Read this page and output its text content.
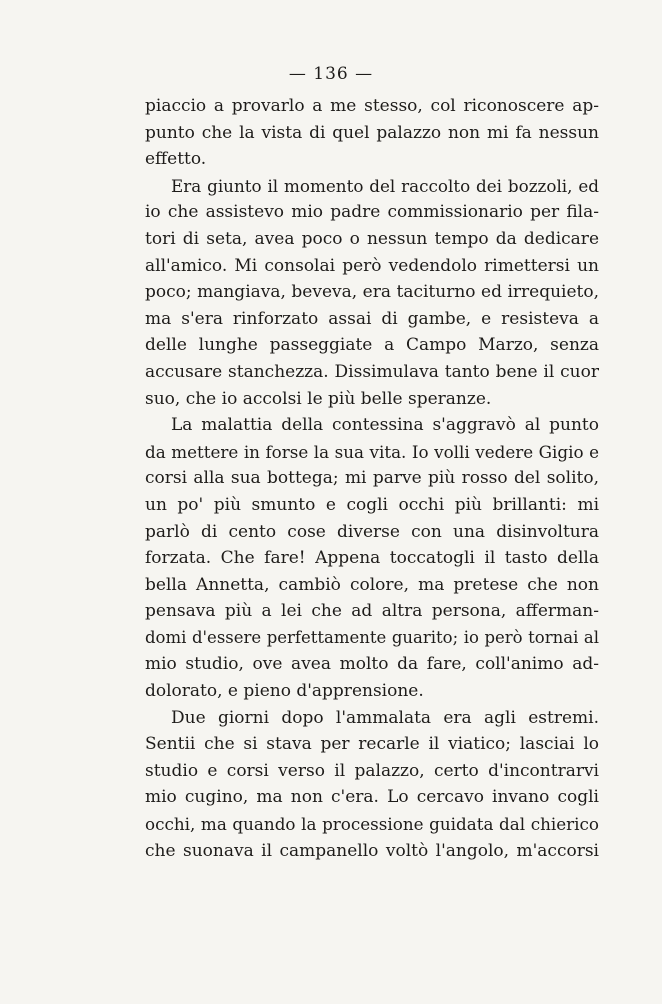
— 136 —
piaccio a provarlo a me stesso, col riconoscere ap-
punto che la vista di quel palazzo non mi fa nessun
effetto.
Era giunto il momento del raccolto dei bozzoli, ed
io che assistevo mio padre commissionario per fila-
tori di seta, avea poco o nessun tempo da dedicare
all'amico. Mi consolai però vedendolo rimettersi un
poco; mangiava, beveva, era taciturno ed irrequieto,
ma s'era rinforzato assai di gambe, e resisteva a
delle lunghe passeggiate a Campo Marzo, senza
accusare stanchezza. Dissimulava tanto bene il cuor
suo, che io accolsi le più belle speranze.
La malattia della contessina s'aggravò al punto
da mettere in forse la sua vita. Io volli vedere Gigio e
corsi alla sua bottega; mi parve più rosso del solito,
un po' più smunto e cogli occhi più brillanti: mi
parlò di cento cose diverse con una disinvoltura
forzata. Che fare! Appena toccatogli il tasto della
bella Annetta, cambiò colore, ma pretese che non
pensava più a lei che ad altra persona, afferman-
domi d'essere perfettamente guarito; io però tornai al
mio studio, ove avea molto da fare, coll'animo ad-
dolorato, e pieno d'apprensione.
Due giorni dopo l'ammalata era agli estremi.
Sentii che si stava per recarle il viatico; lasciai lo
studio e corsi verso il palazzo, certo d'incontrarvi
mio cugino, ma non c'era. Lo cercavo invano cogli
occhi, ma quando la processione guidata dal chierico
che suonava il campanello voltò l'angolo, m'accorsi
